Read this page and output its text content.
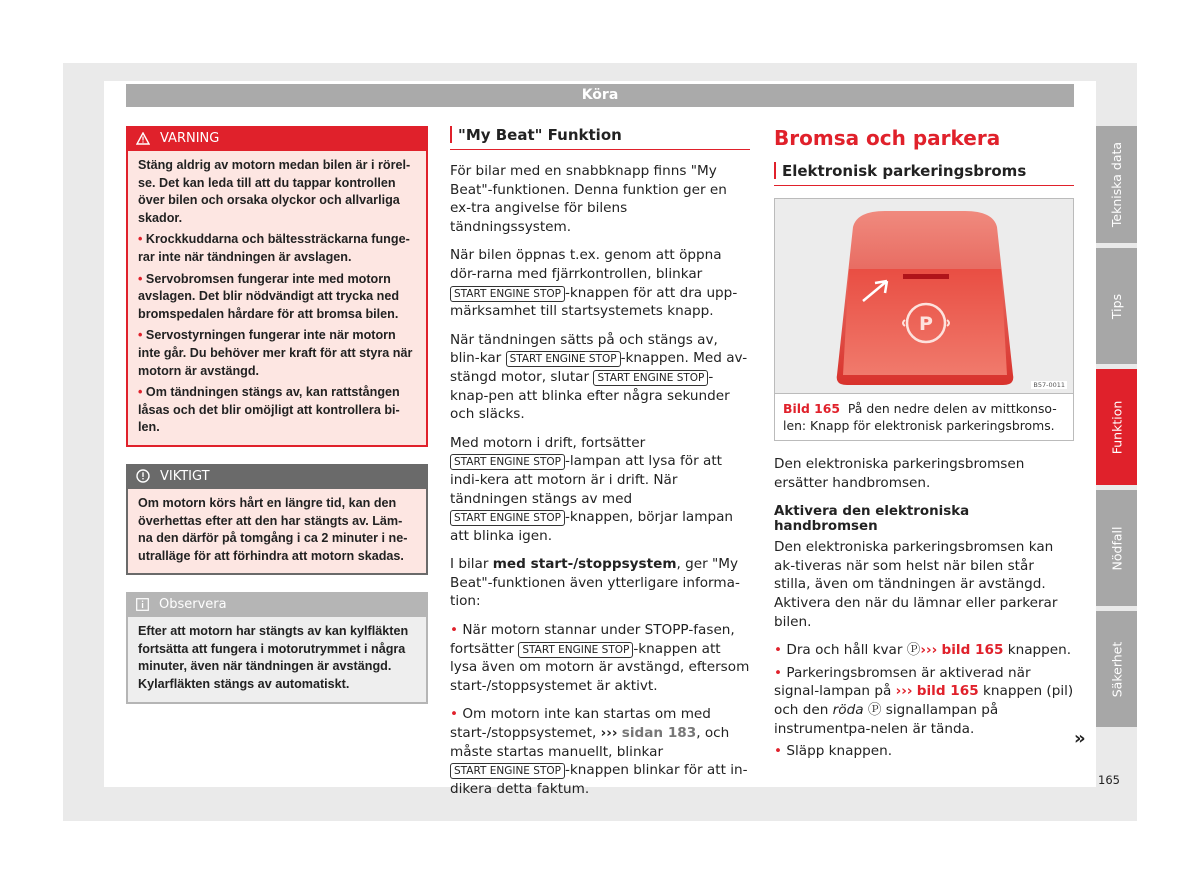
Köra
Tekniska data
Tips
Funktion
Nödfall
Säkerhet
165
VARNING

Stäng aldrig av motorn medan bilen är i rörel-se. Det kan leda till att du tappar kontrollen över bilen och orsaka olyckor och allvarliga skador.

• Krockkuddarna och bältessträckarna funge-rar inte när tändningen är avslagen.

• Servobromsen fungerar inte med motorn avslagen. Det blir nödvändigt att trycka ned bromspedalen hårdare för att bromsa bilen.

• Servostyrningen fungerar inte när motorn inte går. Du behöver mer kraft för att styra när motorn är avstängd.

• Om tändningen stängs av, kan rattstången låsas och det blir omöjligt att kontrollera bi-len.

VIKTIGT

Om motorn körs hårt en längre tid, kan den överhettas efter att den har stängts av. Läm-na den därför på tomgång i ca 2 minuter i ne-utralläge för att förhindra att motorn skadas.

Observera

Efter att motorn har stängts av kan kylfläkten fortsätta att fungera i motorutrymmet i några minuter, även när tändningen är avstängd. Kylarfläkten stängs av automatiskt.

"My Beat" Funktion

För bilar med en snabbknapp finns "My Beat"-funktionen. Denna funktion ger en ex-tra angivelse för bilens tändningssystem.

När bilen öppnas t.ex. genom att öppna dör-rarna med fjärrkontrollen, blinkar START ENGINE STOP -knappen för att dra upp-märksamhet till startsystemets knapp.

När tändningen sätts på och stängs av, blin-kar START ENGINE STOP -knappen. Med av-stängd motor, slutar START ENGINE STOP -knap-pen att blinka efter några sekunder och släcks.

Med motorn i drift, fortsätter START ENGINE STOP -lampan att lysa för att indi-kera att motorn är i drift. När tändningen stängs av med START ENGINE STOP -knappen, börjar lampan att blinka igen.

I bilar med start-/stoppsystem, ger "My Beat"-funktionen även ytterligare informa-tion:

• När motorn stannar under STOPP-fasen, fortsätter START ENGINE STOP -knappen att lysa även om motorn är avstängd, eftersom start-/stoppsystemet är aktivt.

• Om motorn inte kan startas om med start-/stoppsystemet, ››› sidan 183, och måste startas manuellt, blinkar START ENGINE STOP -knappen blinkar för att in-dikera detta faktum.

Bromsa och parkera
Elektronisk parkeringsbroms
P
B57-0011
Bild 165 På den nedre delen av mittkonso-len: Knapp för elektronisk parkeringsbroms.

Den elektroniska parkeringsbromsen ersätter handbromsen.

Aktivera den elektroniska handbromsen

Den elektroniska parkeringsbromsen kan ak-tiveras när som helst när bilen står stilla, även om tändningen är avstängd. Aktivera den när du lämnar eller parkerar bilen.

• Dra och håll kvar Ⓟ››› bild 165 knappen.

• Parkeringsbromsen är aktiverad när signal-lampan på ››› bild 165 knappen (pil) och den röda Ⓟ signallampan på instrumentpa-nelen är tända.

• Släpp knappen.

»
